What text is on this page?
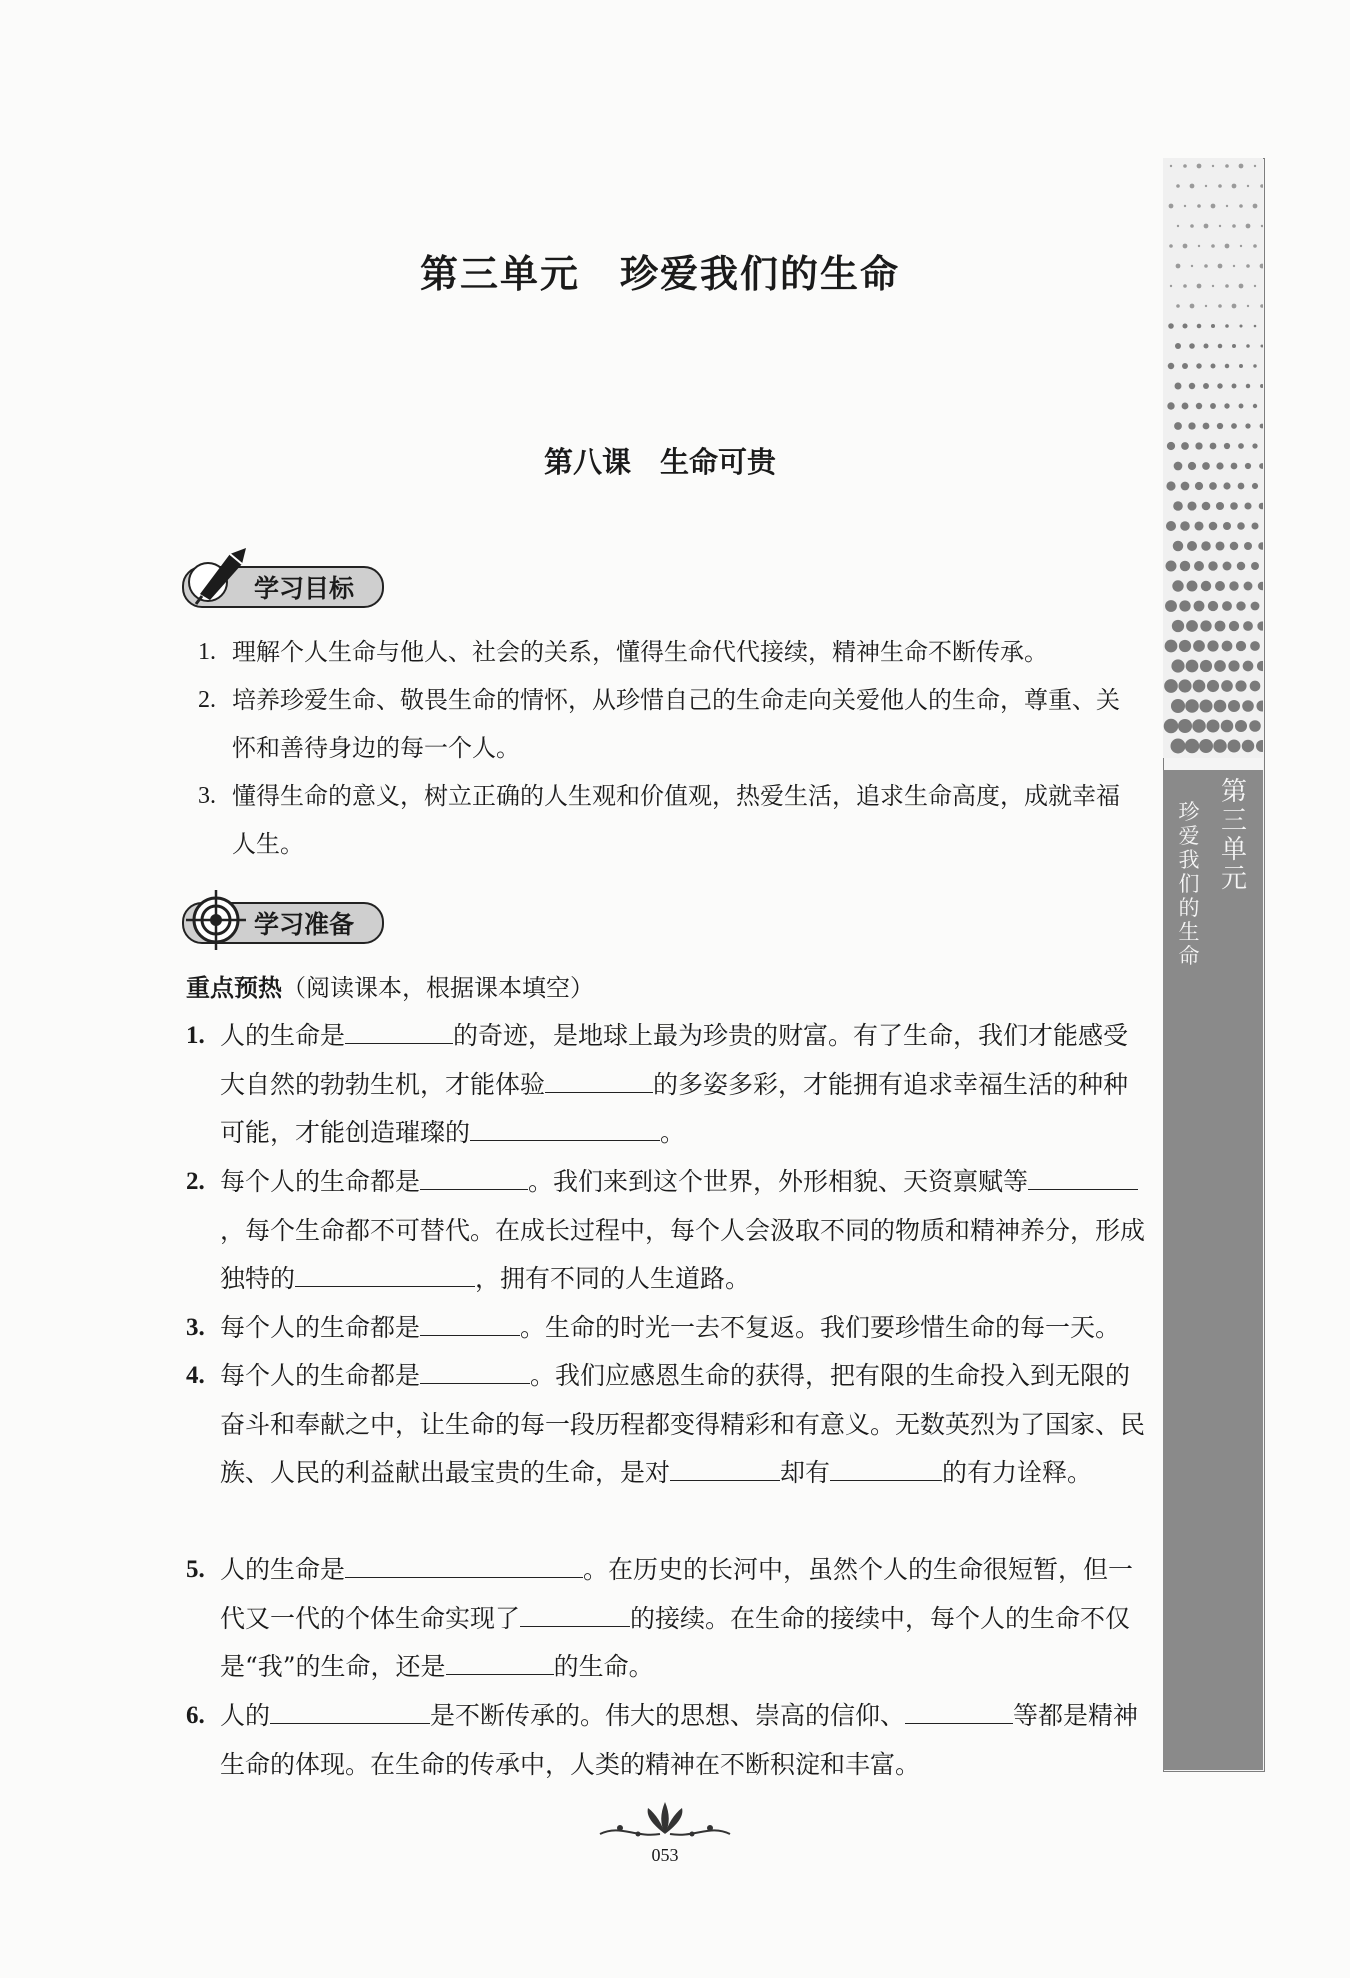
第
三
单
元
珍
爱
我
们
的
生
命
第三单元　珍爱我们的生命
第八课　生命可贵
学习目标
1. 理解个人生命与他人、社会的关系，懂得生命代代接续，精神生命不断传承。
2. 培养珍爱生命、敬畏生命的情怀，从珍惜自己的生命走向关爱他人的生命，尊重、关怀和善待身边的每一个人。
3. 懂得生命的意义，树立正确的人生观和价值观，热爱生活，追求生命高度，成就幸福人生。
学习准备
重点预热（阅读课本，根据课本填空）
1. 人的生命是	的奇迹，是地球上最为珍贵的财富。有了生命，我们才能感受大自然的勃勃生机，才能体验	的多姿多彩，才能拥有追求幸福生活的种种可能，才能创造璀璨的	。
2. 每个人的生命都是	。我们来到这个世界，外形相貌、天资禀赋等，每个生命都不可替代。在成长过程中，每个人会汲取不同的物质和精神养分，形成独特的	，拥有不同的人生道路。
3. 每个人的生命都是	。生命的时光一去不复返。我们要珍惜生命的每一天。
4. 每个人的生命都是	。我们应感恩生命的获得，把有限的生命投入到无限的奋斗和奉献之中，让生命的每一段历程都变得精彩和有意义。无数英烈为了国家、民族、人民的利益献出最宝贵的生命，是对	却有	的有力诠释。
5. 人的生命是	。在历史的长河中，虽然个人的生命很短暂，但一代又一代的个体生命实现了	的接续。在生命的接续中，每个人的生命不仅是“我”的生命，还是	的生命。
6. 人的	是不断传承的。伟大的思想、崇高的信仰、	等都是精神生命的体现。在生命的传承中，人类的精神在不断积淀和丰富。
053
